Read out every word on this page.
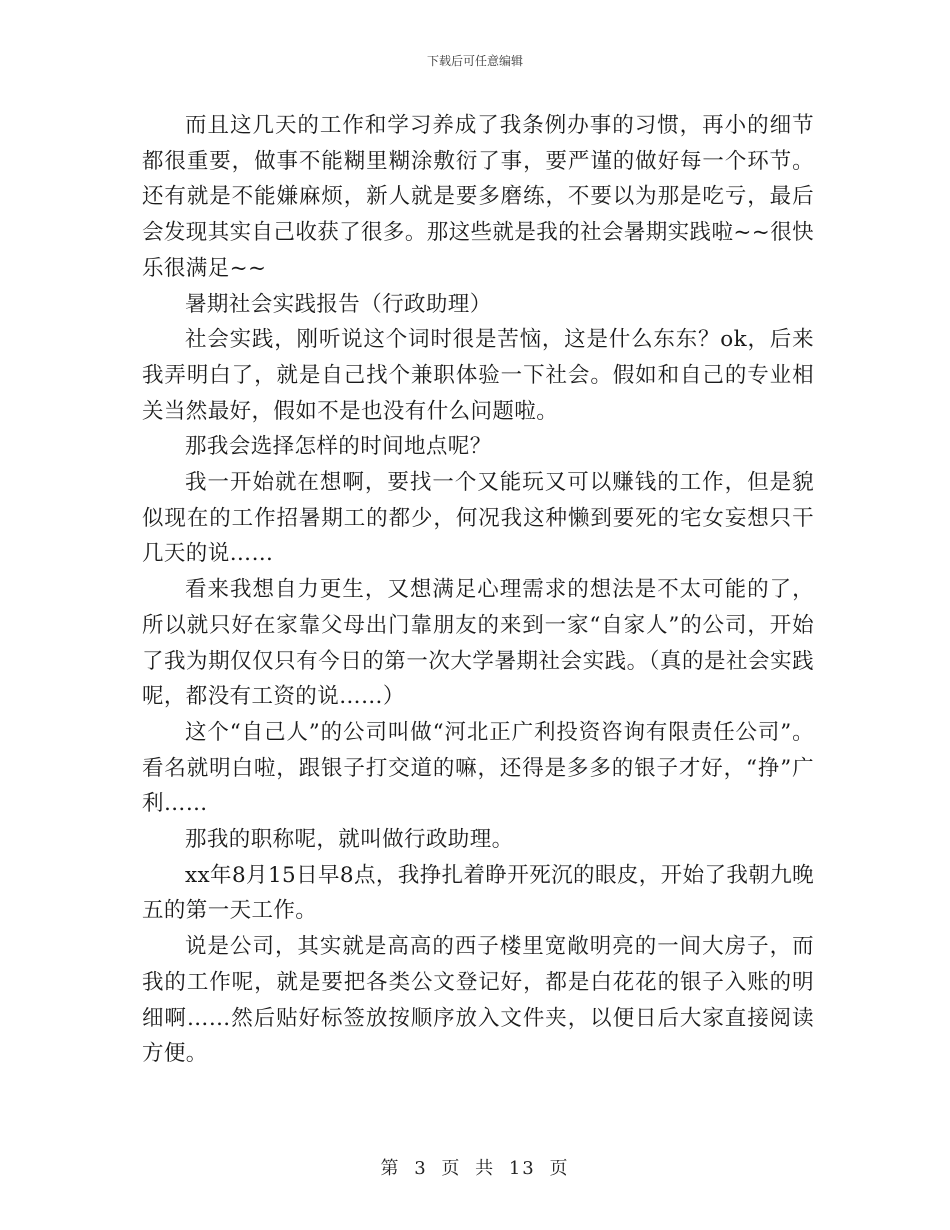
下载后可任意编辑

而且这几天的工作和学习养成了我条例办事的习惯，再小的细节都很重要，做事不能糊里糊涂敷衍了事，要严谨的做好每一个环节。还有就是不能嫌麻烦，新人就是要多磨练，不要以为那是吃亏，最后会发现其实自己收获了很多。那这些就是我的社会暑期实践啦~~很快乐很满足~~

暑期社会实践报告（行政助理）

社会实践，刚听说这个词时很是苦恼，这是什么东东？ok，后来我弄明白了，就是自己找个兼职体验一下社会。假如和自己的专业相关当然最好，假如不是也没有什么问题啦。

那我会选择怎样的时间地点呢？

我一开始就在想啊，要找一个又能玩又可以赚钱的工作，但是貌似现在的工作招暑期工的都少，何况我这种懒到要死的宅女妄想只干几天的说……

看来我想自力更生，又想满足心理需求的想法是不太可能的了，所以就只好在家靠父母出门靠朋友的来到一家“自家人”的公司，开始了我为期仅仅只有今日的第一次大学暑期社会实践。（真的是社会实践呢，都没有工资的说……）

这个“自己人”的公司叫做“河北正广利投资咨询有限责任公司”。看名就明白啦，跟银子打交道的嘛，还得是多多的银子才好，“挣”广利……

那我的职称呢，就叫做行政助理。

xx年8月15日早8点，我挣扎着睁开死沉的眼皮，开始了我朝九晚五的第一天工作。

说是公司，其实就是高高的西子楼里宽敞明亮的一间大房子，而我的工作呢，就是要把各类公文登记好，都是白花花的银子入账的明细啊……然后贴好标签放按顺序放入文件夹，以便日后大家直接阅读方便。

第 3 页 共 13 页
